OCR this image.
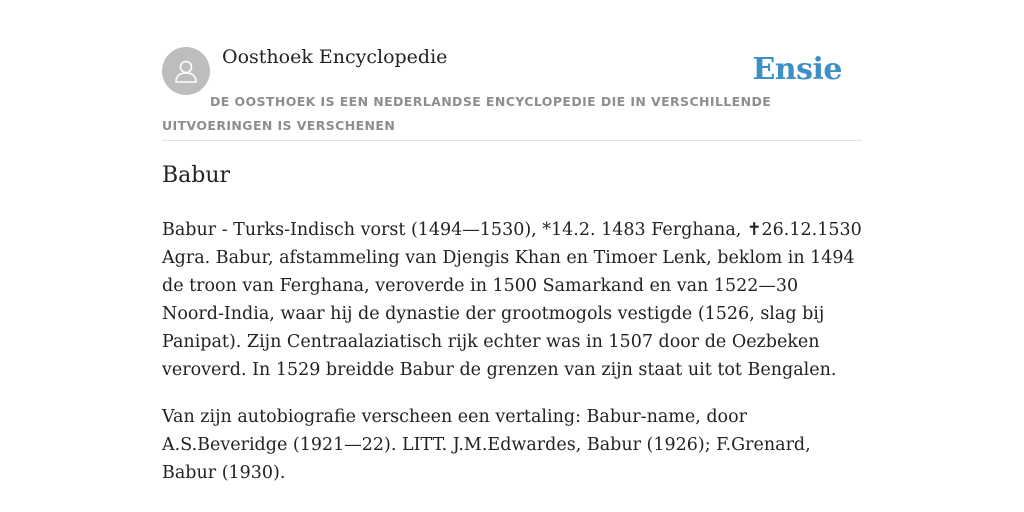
Oosthoek Encyclopedie	Ensie
DE OOSTHOEK IS EEN NEDERLANDSE ENCYCLOPEDIE DIE IN VERSCHILLENDE UITVOERINGEN IS VERSCHENEN
Babur

Babur - Turks-Indisch vorst (1494—1530), *14.2. 1483 Ferghana, ✝26.12.1530 Agra. Babur, afstammeling van Djengis Khan en Timoer Lenk, beklom in 1494 de troon van Ferghana, veroverde in 1500 Samarkand en van 1522—30 Noord-India, waar hij de dynastie der grootmogols vestigde (1526, slag bij Panipat). Zijn Centraalaziatisch rijk echter was in 1507 door de Oezbeken veroverd. In 1529 breidde Babur de grenzen van zijn staat uit tot Bengalen.

Van zijn autobiografie verscheen een vertaling: Babur-name, door A.S.Beveridge (1921—22). LITT. J.M.Edwardes, Babur (1926); F.Grenard, Babur (1930).
